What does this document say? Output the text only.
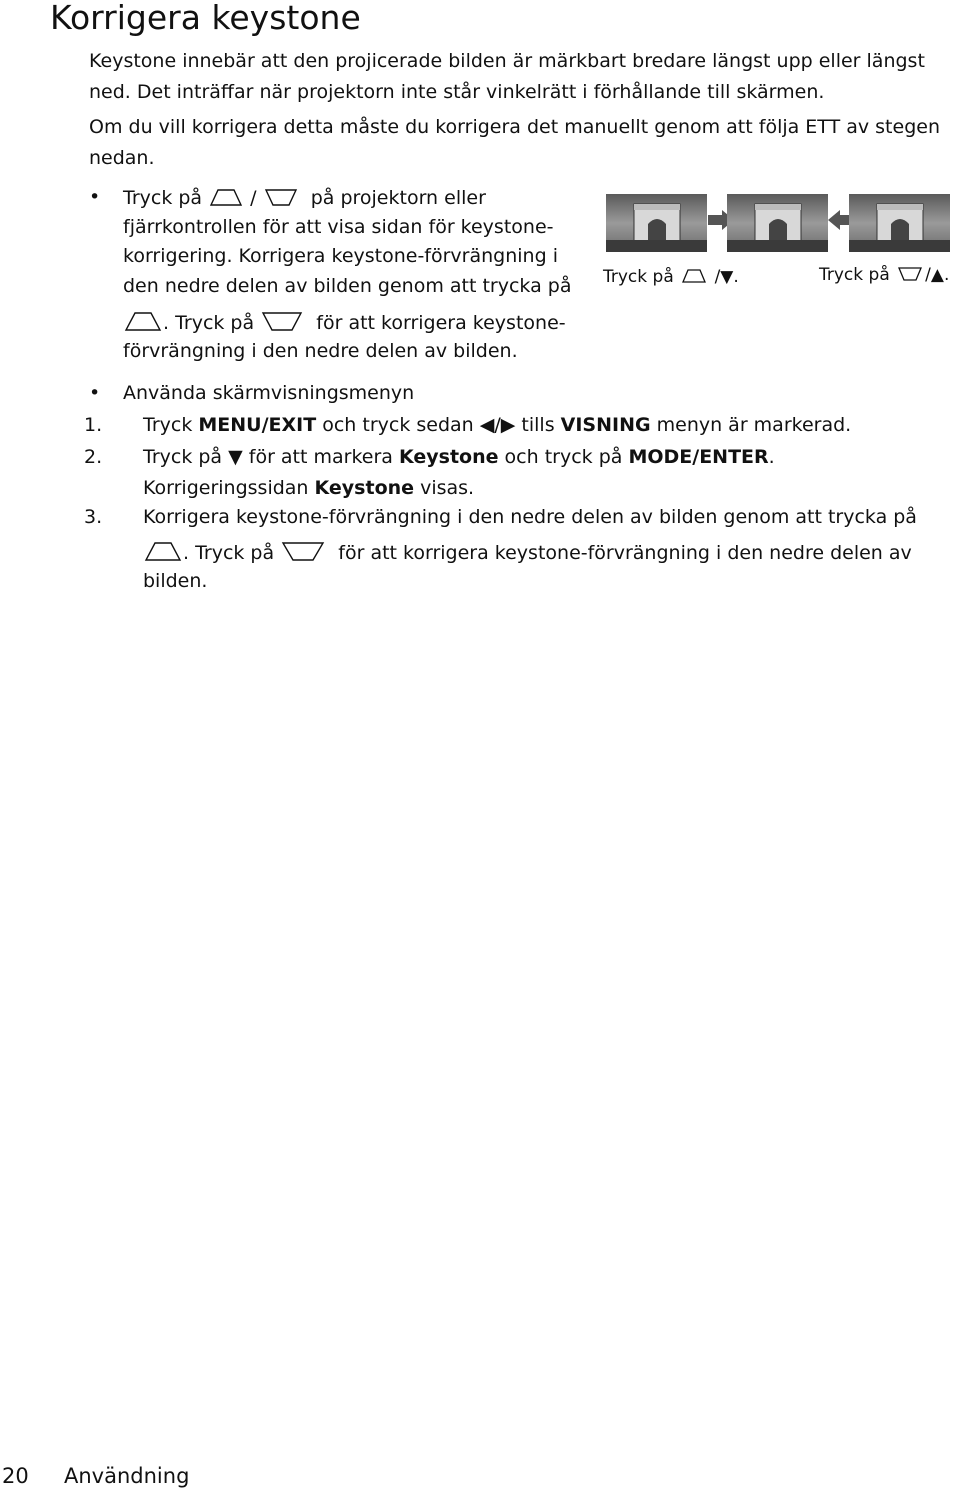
Korrigera keystone

Keystone innebär att den projicerade bilden är märkbart bredare längst upp eller längst ned. Det inträffar när projektorn inte står vinkelrätt i förhållande till skärmen.

Om du vill korrigera detta måste du korrigera det manuellt genom att följa ETT av stegen nedan.

• Tryck på	/	på projektorn eller
fjärrkontrollen för att visa sidan för keystone-
korrigering. Korrigera keystone-förvrängning i
den nedre delen av bilden genom att trycka på
. Tryck på	för att korrigera keystone-
förvrängning i den nedre delen av bilden.
Tryck på /▼.	Tryck på /▲.
• Använda skärmvisningsmenyn
1. Tryck MENU/EXIT och tryck sedan ◀/▶ tills VISNING menyn är markerad.
2. Tryck på ▼ för att markera Keystone och tryck på MODE/ENTER.
Korrigeringssidan Keystone visas.
3. Korrigera keystone-förvrängning i den nedre delen av bilden genom att trycka på
. Tryck på	för att korrigera keystone-förvrängning i den nedre delen av
bilden.
20 Användning
